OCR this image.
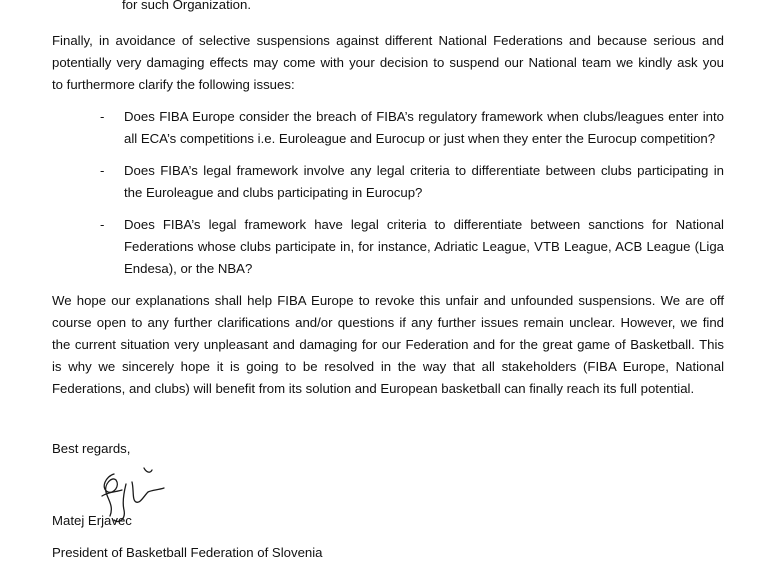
for such Organization.
Finally, in avoidance of selective suspensions against different National Federations and because serious and
potentially very damaging effects may come with your decision to suspend our National team we kindly ask you
to furthermore clarify the following issues:
- Does FIBA Europe consider the breach of FIBA’s regulatory framework when clubs/leagues enter into
all ECA’s competitions i.e. Euroleague and Eurocup or just when they enter the Eurocup competition?
- Does FIBA’s legal framework involve any legal criteria to differentiate between clubs participating in
the Euroleague and clubs participating in Eurocup?
- Does FIBA’s legal framework have legal criteria to differentiate between sanctions for National
Federations whose clubs participate in, for instance, Adriatic League, VTB League, ACB League (Liga
Endesa), or the NBA?
We hope our explanations shall help FIBA Europe to revoke this unfair and unfounded suspensions. We are off
course open to any further clarifications and/or questions if any further issues remain unclear. However, we find
the current situation very unpleasant and damaging for our Federation and for the great game of Basketball. This
is why we sincerely hope it is going to be resolved in the way that all stakeholders (FIBA Europe, National
Federations, and clubs) will benefit from its solution and European basketball can finally reach its full potential.
Best regards,
Matej Erjavec
President of Basketball Federation of Slovenia
